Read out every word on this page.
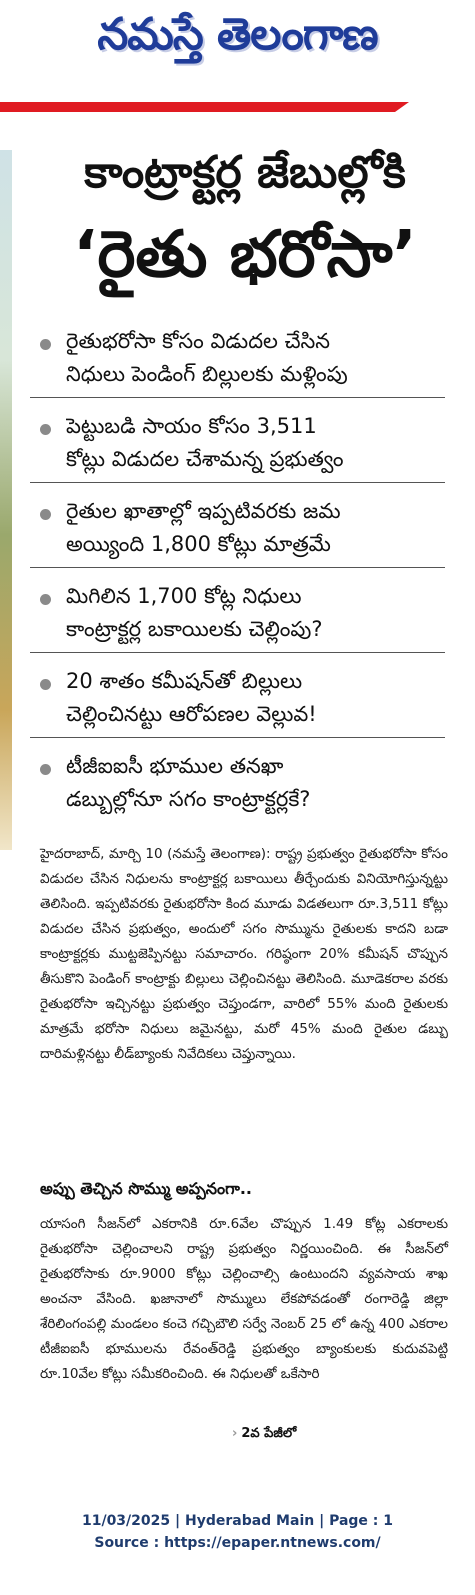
నమస్తే తెలంగాణ
కాంట్రాక్టర్ల జేబుల్లోకి
‘రైతు భరోసా’
రైతుభరోసా కోసం విడుదల చేసిన
నిధులు పెండింగ్ బిల్లులకు మళ్లింపు
పెట్టుబడి సాయం కోసం 3,511
కోట్లు విడుదల చేశామన్న ప్రభుత్వం
రైతుల ఖాతాల్లో ఇప్పటివరకు జమ
అయ్యింది 1,800 కోట్లు మాత్రమే
మిగిలిన 1,700 కోట్ల నిధులు
కాంట్రాక్టర్ల బకాయిలకు చెల్లింపు?
20 శాతం కమీషన్‌తో బిల్లులు
చెల్లించినట్టు ఆరోపణల వెల్లువ!
టీజీఐఐసీ భూముల తనఖా
డబ్బుల్లోనూ సగం కాంట్రాక్టర్లకే?
హైదరాబాద్, మార్చి 10 (నమస్తే తెలంగాణ): రాష్ట్ర ప్రభుత్వం రైతుభరోసా కోసం విడుదల చేసిన నిధులను కాంట్రాక్టర్ల బకాయిలు తీర్చేందుకు వినియోగిస్తున్నట్టు తెలిసింది. ఇప్పటివరకు రైతుభరోసా కింద మూడు విడతలుగా రూ.3,511 కోట్లు విడుదల చేసిన ప్రభుత్వం, అందులో సగం సొమ్మును రైతులకు కాదని బడా కాంట్రాక్టర్లకు ముట్టజెప్పినట్టు సమాచారం. గరిష్ఠంగా 20% కమీషన్ చొప్పున తీసుకొని పెండింగ్ కాంట్రాక్టు బిల్లులు చెల్లించినట్టు తెలిసింది. మూడెకరాల వరకు రైతుభరోసా ఇచ్చినట్టు ప్రభుత్వం చెప్తుండగా, వారిలో 55% మంది రైతులకు మాత్రమే భరోసా నిధులు జమైనట్టు, మరో 45% మంది రైతుల డబ్బు దారిమళ్లినట్టు లీడ్‌బ్యాంకు నివేదికలు చెప్తున్నాయి.
అప్పు తెచ్చిన సొమ్ము అప్పనంగా..
యాసంగి సీజన్‌లో ఎకరానికి రూ.6వేల చొప్పున 1.49 కోట్ల ఎకరాలకు రైతుభరోసా చెల్లించాలని రాష్ట్ర ప్రభుత్వం నిర్ణయించింది. ఈ సీజన్‌లో రైతుభరోసాకు రూ.9000 కోట్లు చెల్లించాల్సి ఉంటుందని వ్యవసాయ శాఖ అంచనా వేసింది. ఖజానాలో సొమ్ములు లేకపోవడంతో రంగారెడ్డి జిల్లా శేరిలింగంపల్లి మండలం కంచె గచ్చిబౌలి సర్వే నెంబర్ 25 లో ఉన్న 400 ఎకరాల టీజీఐఐసీ భూములను రేవంత్‌రెడ్డి ప్రభుత్వం బ్యాంకులకు కుదువపెట్టి రూ.10వేల కోట్లు సమీకరించింది. ఈ నిధులతో ఒకేసారి
› 2వ పేజీలో
11/03/2025 | Hyderabad Main | Page : 1
Source : https://epaper.ntnews.com/
